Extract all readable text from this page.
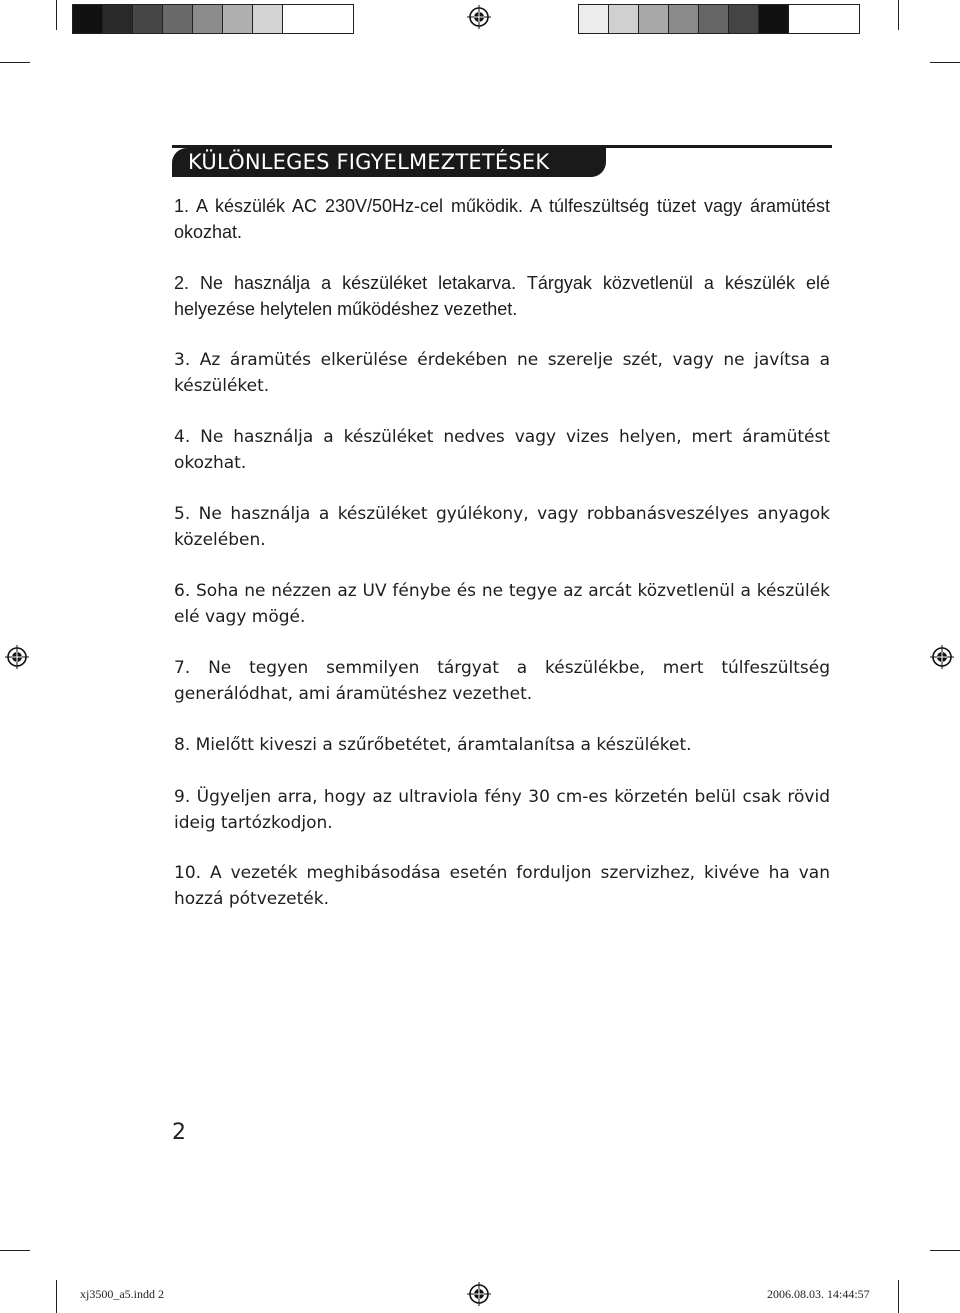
KÜLÖNLEGES FIGYELMEZTETÉSEK
1. A készülék AC 230V/50Hz-cel működik. A túlfeszültség tüzet vagy áramütést okozhat.
2. Ne használja a készüléket letakarva. Tárgyak közvetlenül a készülék elé helyezése helytelen működéshez vezethet.
3. Az áramütés elkerülése érdekében ne szerelje szét, vagy ne javítsa a készüléket.
4. Ne használja a készüléket nedves vagy vizes helyen, mert áramütést okozhat.
5. Ne használja a készüléket gyúlékony, vagy robbanásveszélyes anyagok közelében.
6. Soha ne nézzen az UV fénybe és ne tegye az arcát közvetlenül a készülék elé vagy mögé.
7. Ne tegyen semmilyen tárgyat a készülékbe, mert túlfeszültség generálódhat, ami áramütéshez vezethet.
8. Mielőtt kiveszi a szűrőbetétet, áramtalanítsa a készüléket.
9. Ügyeljen arra, hogy az ultraviola fény 30 cm-es körzetén belül csak rövid ideig tartózkodjon.
10. A vezeték meghibásodása esetén forduljon szervizhez, kivéve ha van hozzá pótvezeték.
2
xj3500_a5.indd 2	2006.08.03. 14:44:57
